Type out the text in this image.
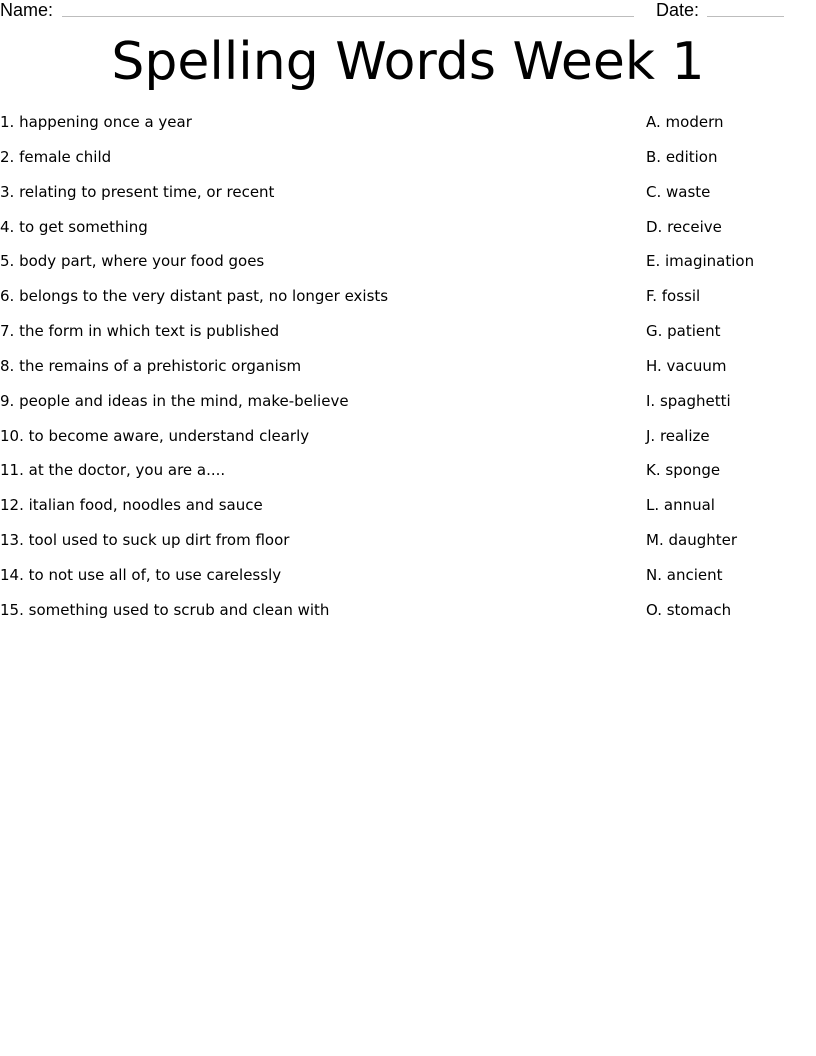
Name:	Date:
Spelling Words Week 1
1. happening once a year
2. female child
3. relating to present time, or recent
4. to get something
5. body part, where your food goes
6. belongs to the very distant past, no longer exists
7. the form in which text is published
8. the remains of a prehistoric organism
9. people and ideas in the mind, make-believe
10. to become aware, understand clearly
11. at the doctor, you are a....
12. italian food, noodles and sauce
13. tool used to suck up dirt from floor
14. to not use all of, to use carelessly
15. something used to scrub and clean with
A. modern
B. edition
C. waste
D. receive
E. imagination
F. fossil
G. patient
H. vacuum
I. spaghetti
J. realize
K. sponge
L. annual
M. daughter
N. ancient
O. stomach
